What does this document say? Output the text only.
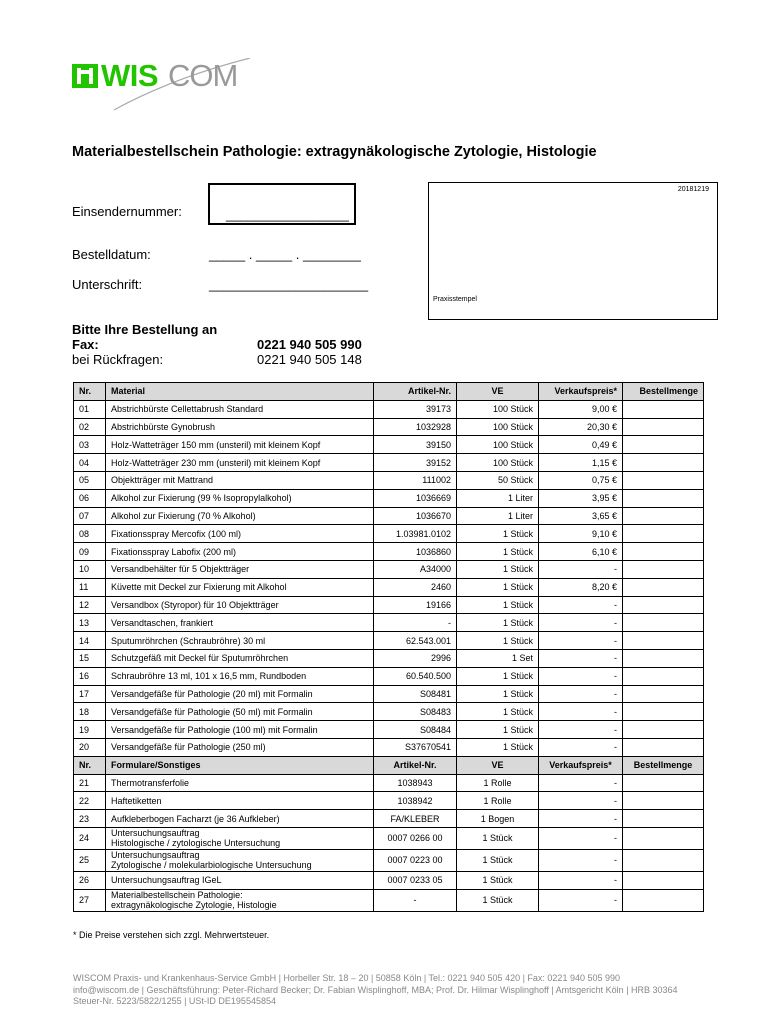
WIS COM
Materialbestellschein Pathologie: extragynäkologische Zytologie, Histologie
Einsendernummer:	_________________
Bestelldatum:	_____ . _____ . ________
Unterschrift:	______________________
20181219
Praxisstempel
Bitte Ihre Bestellung an
Fax:	0221 940 505 990
bei Rückfragen:	0221 940 505 148
Nr.	Material	Artikel-Nr.	VE	Verkaufspreis*	Bestellmenge
01	Abstrichbürste Cellettabrush Standard	39173	100 Stück	9,00 €	
02	Abstrichbürste Gynobrush	1032928	100 Stück	20,30 €	
03	Holz-Watteträger 150 mm (unsteril) mit kleinem Kopf	39150	100 Stück	0,49 €	
04	Holz-Watteträger 230 mm (unsteril) mit kleinem Kopf	39152	100 Stück	1,15 €	
05	Objektträger mit Mattrand	111002	50 Stück	0,75 €	
06	Alkohol zur Fixierung (99 % Isopropylalkohol)	1036669	1 Liter	3,95 €	
07	Alkohol zur Fixierung (70 % Alkohol)	1036670	1 Liter	3,65 €	
08	Fixationsspray Mercofix (100 ml)	1.03981.0102	1 Stück	9,10 €	
09	Fixationsspray Labofix (200 ml)	1036860	1 Stück	6,10 €	
10	Versandbehälter für 5 Objektträger	A34000	1 Stück	-	
11	Küvette mit Deckel zur Fixierung mit Alkohol	2460	1 Stück	8,20 €	
12	Versandbox (Styropor) für 10 Objektträger	19166	1 Stück	-	
13	Versandtaschen, frankiert	-	1 Stück	-	
14	Sputumröhrchen (Schraubröhre) 30 ml	62.543.001	1 Stück	-	
15	Schutzgefäß mit Deckel für Sputumröhrchen	2996	1 Set	-	
16	Schraubröhre 13 ml, 101 x 16,5 mm, Rundboden	60.540.500	1 Stück	-	
17	Versandgefäße für Pathologie (20 ml) mit Formalin	S08481	1 Stück	-	
18	Versandgefäße für Pathologie (50 ml) mit Formalin	S08483	1 Stück	-	
19	Versandgefäße für Pathologie (100 ml) mit Formalin	S08484	1 Stück	-	
20	Versandgefäße für Pathologie (250 ml)	S37670541	1 Stück	-	
Nr.	Formulare/Sonstiges	Artikel-Nr.	VE	Verkaufspreis*	Bestellmenge
21	Thermotransferfolie	1038943	1 Rolle	-	
22	Haftetiketten	1038942	1 Rolle	-	
23	Aufkleberbogen Facharzt (je 36 Aufkleber)	FA/KLEBER	1 Bogen	-	
24	Untersuchungsauftrag
Histologische / zytologische Untersuchung	0007 0266 00	1 Stück	-	
25	Untersuchungsauftrag
Zytologische / molekularbiologische Untersuchung	0007 0223 00	1 Stück	-	
26	Untersuchungsauftrag IGeL	0007 0233 05	1 Stück	-	
27	Materialbestellschein Pathologie:
extragynäkologische Zytologie, Histologie	-	1 Stück	-	
* Die Preise verstehen sich zzgl. Mehrwertsteuer.
WISCOM Praxis- und Krankenhaus-Service GmbH | Horbeller Str. 18 – 20 | 50858 Köln | Tel.: 0221 940 505 420 | Fax: 0221 940 505 990
info@wiscom.de | Geschäftsführung: Peter-Richard Becker; Dr. Fabian Wisplinghoff, MBA; Prof. Dr. Hilmar Wisplinghoff | Amtsgericht Köln | HRB 30364
Steuer-Nr. 5223/5822/1255 | USt-ID DE195545854
